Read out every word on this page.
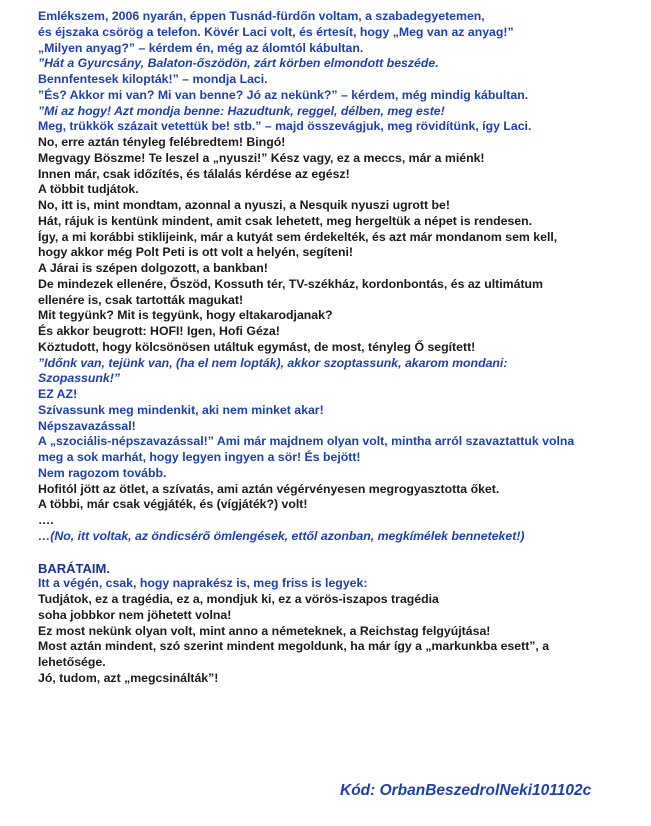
Emlékszem, 2006 nyarán, éppen Tusnád-fürdőn voltam, a szabadegyetemen,
és éjszaka csörög a telefon. Kövér Laci volt, és értesít, hogy „Meg van az anyag!”
„Milyen anyag?” – kérdem én, még az álomtól kábultan.
”Hát a Gyurcsány, Balaton-őszödön, zárt körben elmondott beszéde.
Bennfentesek kilopták!” – mondja Laci.
”És? Akkor mi van? Mi van benne? Jó az nekünk?” – kérdem, még mindig kábultan.
”Mi az hogy! Azt mondja benne: Hazudtunk, reggel, délben, meg este!
Meg, trükkök százait vetettük be! stb.” – majd összevágjuk, meg rövidítünk, így Laci.
No, erre aztán tényleg felébredtem! Bingó!
Megvagy Böszme! Te leszel a „nyuszi!” Kész vagy, ez a meccs, már a miénk!
Innen már, csak időzítés, és tálalás kérdése az egész!
A többit tudjátok.
No, itt is, mint mondtam, azonnal a nyuszi, a Nesquik nyuszi ugrott be!
Hát, rájuk is kentünk mindent, amit csak lehetett, meg hergeltük a népet is rendesen.
Így, a mi korábbi stiklijeink, már a kutyát sem érdekelték, és azt már mondanom sem kell,
hogy akkor még Polt Peti is ott volt a helyén, segíteni!
A Járai is szépen dolgozott, a bankban!
De mindezek ellenére, Őszöd, Kossuth tér, TV-székház, kordonbontás, és az ultimátum
ellenére is, csak tartották magukat!
Mit tegyünk? Mit is tegyünk, hogy eltakarodjanak?
És akkor beugrott: HOFI! Igen, Hofi Géza!
Köztudott, hogy kölcsönösen utáltuk egymást, de most, tényleg Ő segített!
”Időnk van, tejünk van, (ha el nem lopták), akkor szoptassunk, akarom mondani:
Szopassunk!”
EZ AZ!
Szívassunk meg mindenkit, aki nem minket akar!
Népszavazással!
A „szociális-népszavazással!” Ami már majdnem olyan volt, mintha arról szavaztattuk volna
meg a sok marhát, hogy legyen ingyen a sör! És bejött!
Nem ragozom tovább.
Hofitól jött az ötlet, a szívatás, ami aztán végérvényesen megrogyasztotta őket.
A többi, már csak végjáték, és (vígjáték?) volt!
….
…(No, itt voltak, az öndicsérő ömlengések, ettől azonban, megkímélek benneteket!)
BARÁTAIM.
Itt a végén, csak, hogy naprakész is, meg friss is legyek:
Tudjátok, ez a tragédia, ez a, mondjuk ki, ez a vörös-iszapos tragédia
soha jobbkor nem jöhetett volna!
Ez most nekünk olyan volt, mint anno a németeknek, a Reichstag felgyújtása!
Most aztán mindent, szó szerint mindent megoldunk, ha már így a „markunkba esett”, a
lehetősége.
Jó, tudom, azt „megcsinálták”!
Kód: OrbanBeszedrolNeki101102c
